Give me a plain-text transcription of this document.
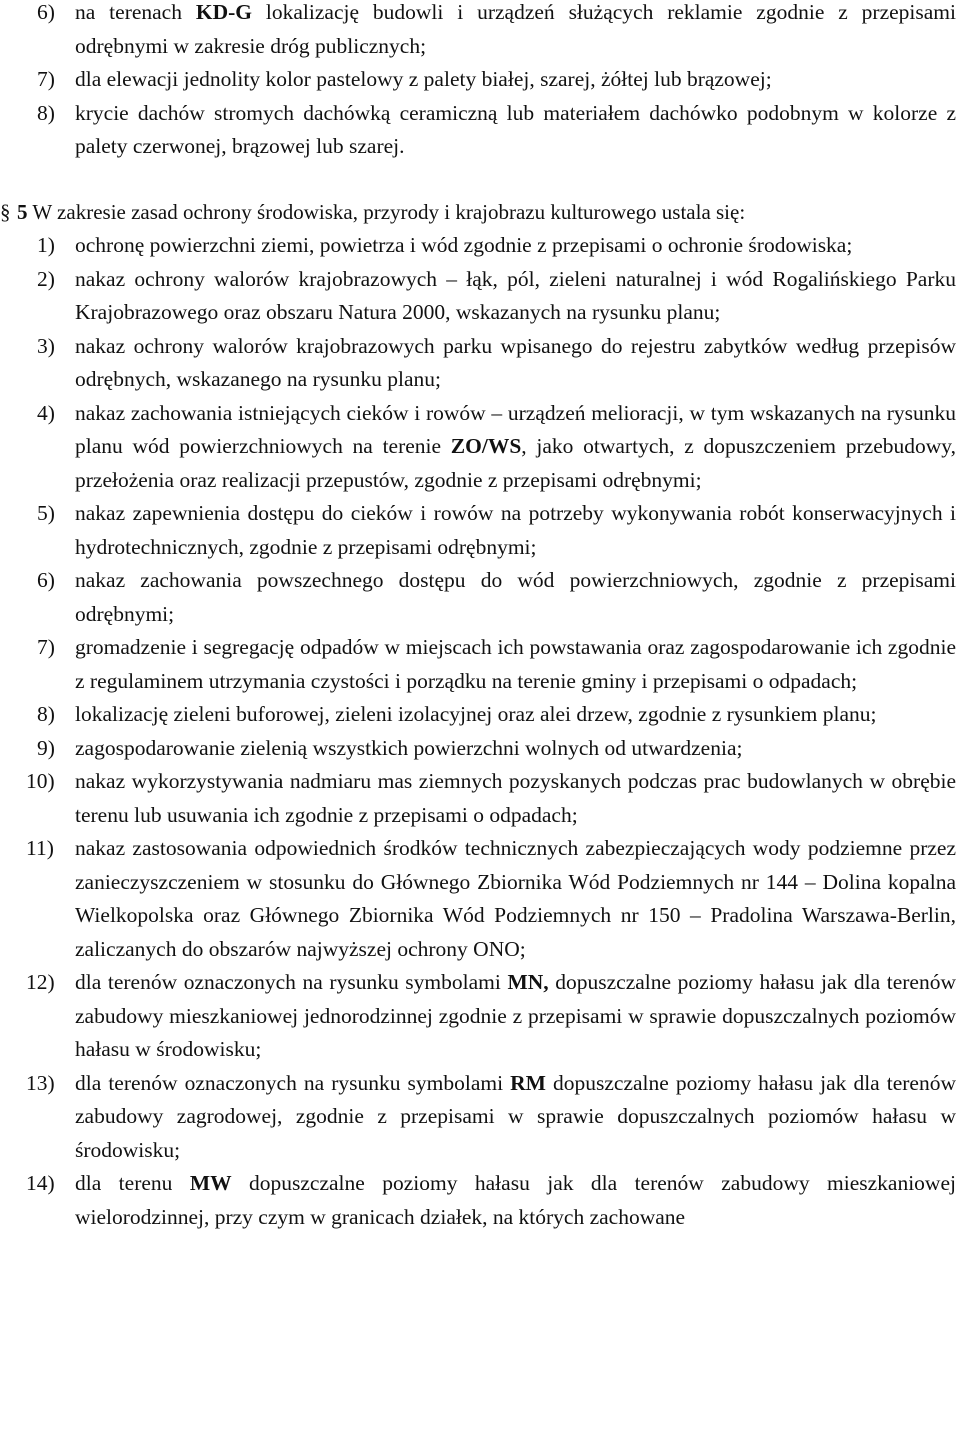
6) na terenach KD-G lokalizację budowli i urządzeń służących reklamie zgodnie z przepisami odrębnymi w zakresie dróg publicznych;
7) dla elewacji jednolity kolor pastelowy z palety białej, szarej, żółtej lub brązowej;
8) krycie dachów stromych dachówką ceramiczną lub materiałem dachówko podobnym w kolorze z palety czerwonej, brązowej lub szarej.
§ 5 W zakresie zasad ochrony środowiska, przyrody i krajobrazu kulturowego ustala się:
1) ochronę powierzchni ziemi, powietrza i wód zgodnie z przepisami o ochronie środowiska;
2) nakaz ochrony walorów krajobrazowych – łąk, pól, zieleni naturalnej i wód Rogalińskiego Parku Krajobrazowego oraz obszaru Natura 2000, wskazanych na rysunku planu;
3) nakaz ochrony walorów krajobrazowych parku wpisanego do rejestru zabytków według przepisów odrębnych, wskazanego na rysunku planu;
4) nakaz zachowania istniejących cieków i rowów – urządzeń melioracji, w tym wskazanych na rysunku planu wód powierzchniowych na terenie ZO/WS, jako otwartych, z dopuszczeniem przebudowy, przełożenia oraz realizacji przepustów, zgodnie z przepisami odrębnymi;
5) nakaz zapewnienia dostępu do cieków i rowów na potrzeby wykonywania robót konserwacyjnych i hydrotechnicznych, zgodnie z przepisami odrębnymi;
6) nakaz zachowania powszechnego dostępu do wód powierzchniowych, zgodnie z przepisami odrębnymi;
7) gromadzenie i segregację odpadów w miejscach ich powstawania oraz zagospodarowanie ich zgodnie z regulaminem utrzymania czystości i porządku na terenie gminy i przepisami o odpadach;
8) lokalizację zieleni buforowej, zieleni izolacyjnej oraz alei drzew, zgodnie z rysunkiem planu;
9) zagospodarowanie zielenią wszystkich powierzchni wolnych od utwardzenia;
10) nakaz wykorzystywania nadmiaru mas ziemnych pozyskanych podczas prac budowlanych w obrębie terenu lub usuwania ich zgodnie z przepisami o odpadach;
11) nakaz zastosowania odpowiednich środków technicznych zabezpieczających wody podziemne przez zanieczyszczeniem w stosunku do Głównego Zbiornika Wód Podziemnych nr 144 – Dolina kopalna Wielkopolska oraz Głównego Zbiornika Wód Podziemnych nr 150 – Pradolina Warszawa-Berlin, zaliczanych do obszarów najwyższej ochrony ONO;
12) dla terenów oznaczonych na rysunku symbolami MN, dopuszczalne poziomy hałasu jak dla terenów zabudowy mieszkaniowej jednorodzinnej zgodnie z przepisami w sprawie dopuszczalnych poziomów hałasu w środowisku;
13) dla terenów oznaczonych na rysunku symbolami RM dopuszczalne poziomy hałasu jak dla terenów zabudowy zagrodowej, zgodnie z przepisami w sprawie dopuszczalnych poziomów hałasu w środowisku;
14) dla terenu MW dopuszczalne poziomy hałasu jak dla terenów zabudowy mieszkaniowej wielorodzinnej, przy czym w granicach działek, na których zachowane
